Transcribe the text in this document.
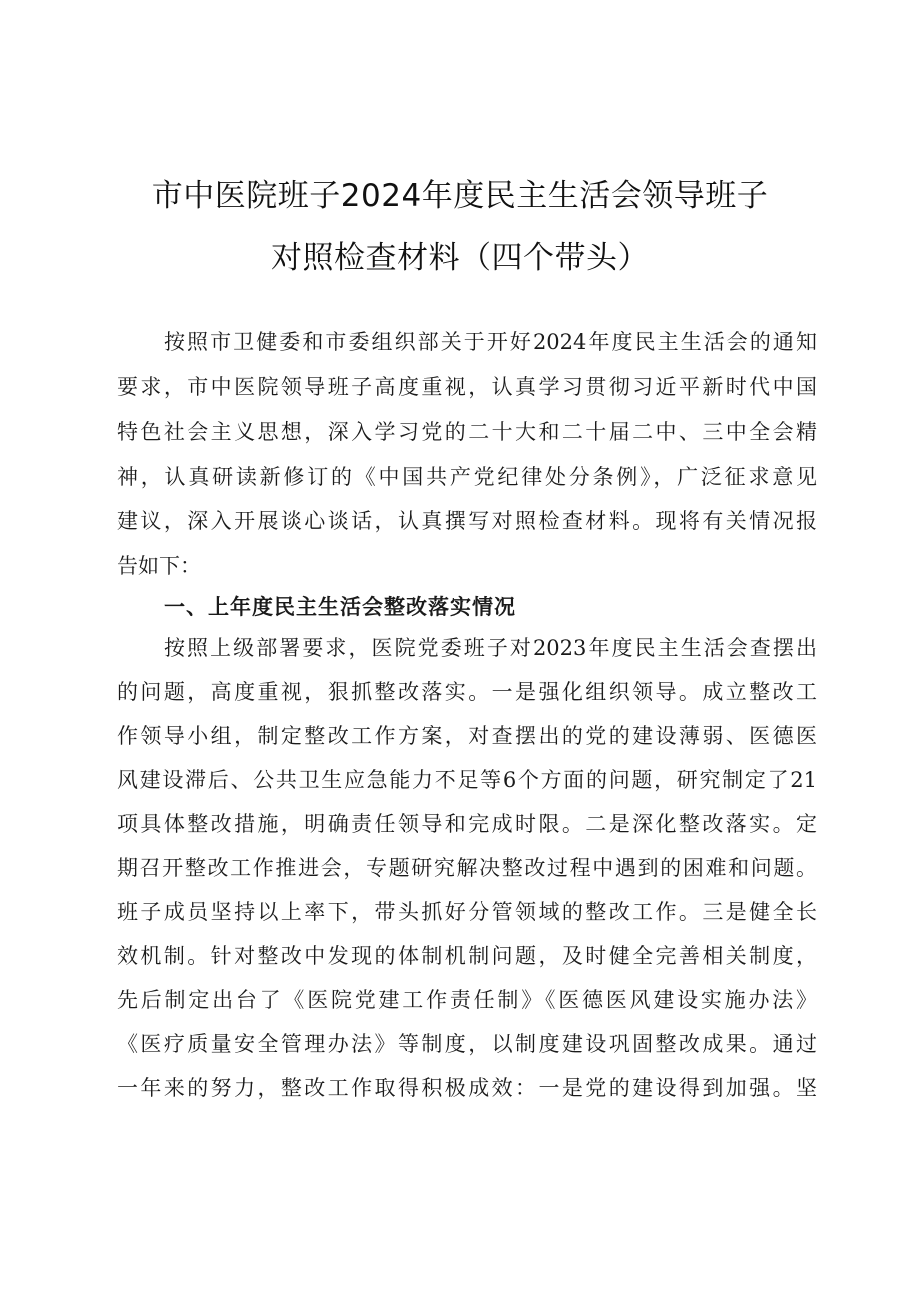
市中医院班子2024年度民主生活会领导班子
对照检查材料（四个带头）
按照市卫健委和市委组织部关于开好2024年度民主生活会的通知
要求，市中医院领导班子高度重视，认真学习贯彻习近平新时代中国
特色社会主义思想，深入学习党的二十大和二十届二中、三中全会精
神，认真研读新修订的《中国共产党纪律处分条例》，广泛征求意见
建议，深入开展谈心谈话，认真撰写对照检查材料。现将有关情况报
告如下：
一、上年度民主生活会整改落实情况
按照上级部署要求，医院党委班子对2023年度民主生活会查摆出
的问题，高度重视，狠抓整改落实。一是强化组织领导。成立整改工
作领导小组，制定整改工作方案，对查摆出的党的建设薄弱、医德医
风建设滞后、公共卫生应急能力不足等6个方面的问题，研究制定了21
项具体整改措施，明确责任领导和完成时限。二是深化整改落实。定
期召开整改工作推进会，专题研究解决整改过程中遇到的困难和问题。
班子成员坚持以上率下，带头抓好分管领域的整改工作。三是健全长
效机制。针对整改中发现的体制机制问题，及时健全完善相关制度，
先后制定出台了《医院党建工作责任制》《医德医风建设实施办法》
《医疗质量安全管理办法》等制度，以制度建设巩固整改成果。通过
一年来的努力，整改工作取得积极成效：一是党的建设得到加强。坚
